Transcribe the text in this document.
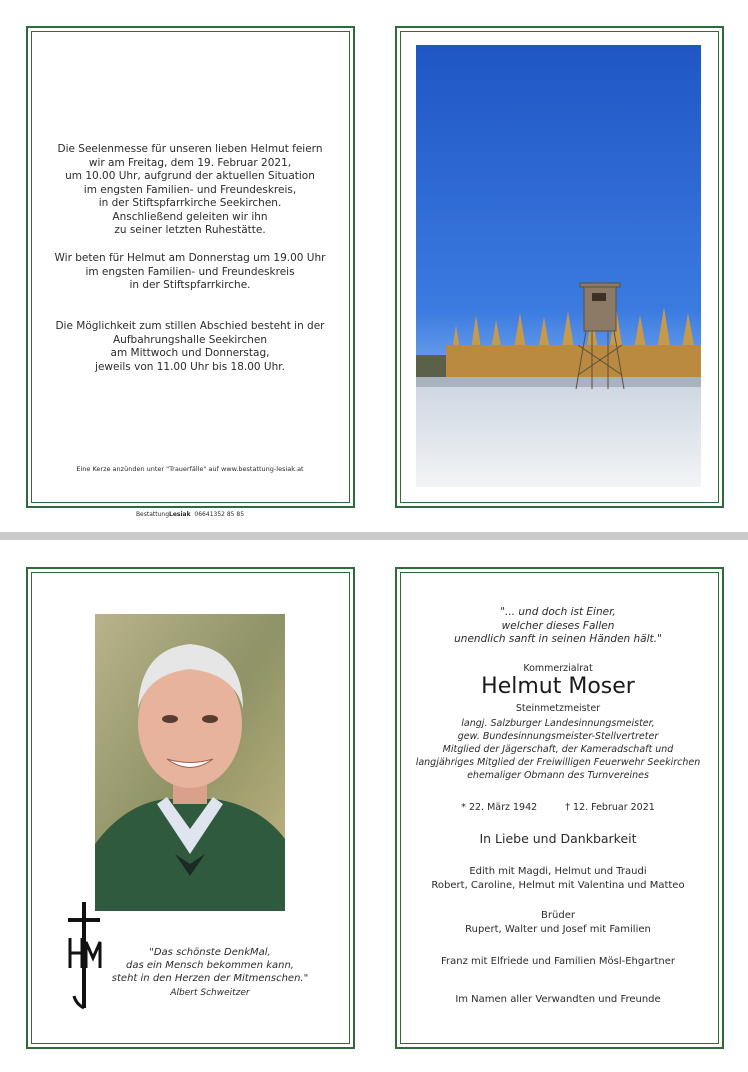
Die Seelenmesse für unseren lieben Helmut feiern
wir am Freitag, dem 19. Februar 2021,
um 10.00 Uhr, aufgrund der aktuellen Situation
im engsten Familien- und Freundeskreis,
in der Stiftspfarrkirche Seekirchen.
Anschließend geleiten wir ihn
zu seiner letzten Ruhestätte.
Wir beten für Helmut am Donnerstag um 19.00 Uhr
im engsten Familien- und Freundeskreis
in der Stiftspfarrkirche.
Die Möglichkeit zum stillen Abschied besteht in der
Aufbahrungshalle Seekirchen
am Mittwoch und Donnerstag,
jeweils von 11.00 Uhr bis 18.00 Uhr.
Eine Kerze anzünden unter "Trauerfälle" auf www.bestattung-lesiak.at
BestattungLesiak 06641352 85 85
"Das schönste DenkMal,
das ein Mensch bekommen kann,
steht in den Herzen der Mitmenschen."
Albert Schweitzer
"... und doch ist Einer,
welcher dieses Fallen
unendlich sanft in seinen Händen hält."
Kommerzialrat
Helmut Moser
Steinmetzmeister
langj. Salzburger Landesinnungsmeister,
gew. Bundesinnungsmeister-Stellvertreter
Mitglied der Jägerschaft, der Kameradschaft und
langjähriges Mitglied der Freiwilligen Feuerwehr Seekirchen
ehemaliger Obmann des Turnvereines
* 22. März 1942	† 12. Februar 2021
In Liebe und Dankbarkeit
Edith mit Magdi, Helmut und Traudi
Robert, Caroline, Helmut mit Valentina und Matteo
Brüder
Rupert, Walter und Josef mit Familien
Franz mit Elfriede und Familien Mösl-Ehgartner
Im Namen aller Verwandten und Freunde
